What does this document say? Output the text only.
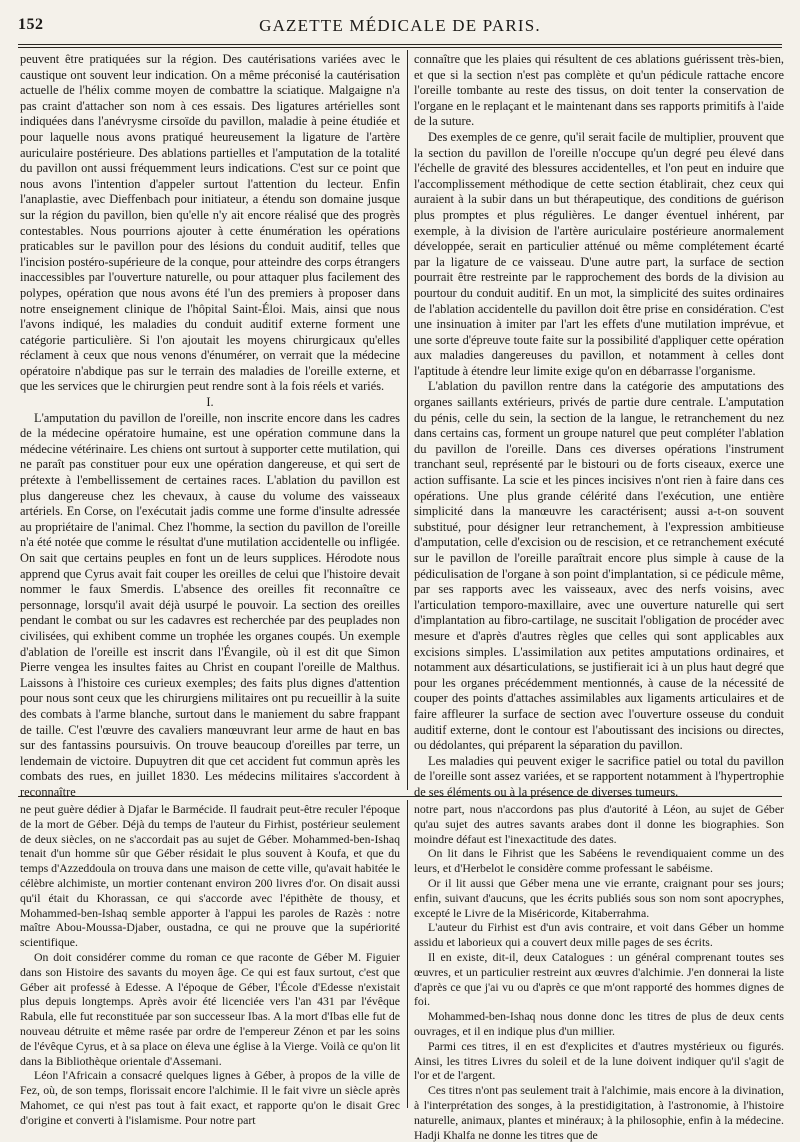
152	GAZETTE MÉDICALE DE PARIS.

peuvent être pratiquées sur la région. Des cautérisations variées avec le caustique ont souvent leur indication. On a même préconisé la cautérisation actuelle de l'hélix comme moyen de combattre la sciatique. Malgaigne n'a pas craint d'attacher son nom à ces essais. Des ligatures artérielles sont indiquées dans l'anévrysme cirsoïde du pavillon, maladie à peine étudiée et pour laquelle nous avons pratiqué heureusement la ligature de l'artère auriculaire postérieure. Des ablations partielles et l'amputation de la totalité du pavillon ont aussi fréquemment leurs indications. C'est sur ce point que nous avons l'intention d'appeler surtout l'attention du lecteur. Enfin l'anaplastie, avec Dieffenbach pour initiateur, a étendu son domaine jusque sur la région du pavillon, bien qu'elle n'y ait encore réalisé que des progrès contestables. Nous pourrions ajouter à cette énumération les opérations praticables sur le pavillon pour des lésions du conduit auditif, telles que l'incision postéro-supérieure de la conque, pour atteindre des corps étrangers inaccessibles par l'ouverture naturelle, ou pour attaquer plus facilement des polypes, opération que nous avons été l'un des premiers à proposer dans notre enseignement clinique de l'hôpital Saint-Éloi. Mais, ainsi que nous l'avons indiqué, les maladies du conduit auditif externe forment une catégorie particulière. Si l'on ajoutait les moyens chirurgicaux qu'elles réclament à ceux que nous venons d'énumérer, on verrait que la médecine opératoire n'abdique pas sur le terrain des maladies de l'oreille externe, et que les services que le chirurgien peut rendre sont à la fois réels et variés.

I.

L'amputation du pavillon de l'oreille, non inscrite encore dans les cadres de la médecine opératoire humaine, est une opération commune dans la médecine vétérinaire. Les chiens ont surtout à supporter cette mutilation, qui ne paraît pas constituer pour eux une opération dangereuse, et qui sert de prétexte à l'embellissement de certaines races. L'ablation du pavillon est plus dangereuse chez les chevaux, à cause du volume des vaisseaux artériels. En Corse, on l'exécutait jadis comme une forme d'insulte adressée au propriétaire de l'animal. Chez l'homme, la section du pavillon de l'oreille n'a été notée que comme le résultat d'une mutilation accidentelle ou infligée. On sait que certains peuples en font un de leurs supplices. Hérodote nous apprend que Cyrus avait fait couper les oreilles de celui que l'histoire devait nommer le faux Smerdis. L'absence des oreilles fit reconnaître ce personnage, lorsqu'il avait déjà usurpé le pouvoir. La section des oreilles pendant le combat ou sur les cadavres est recherchée par des peuplades non civilisées, qui exhibent comme un trophée les organes coupés. Un exemple d'ablation de l'oreille est inscrit dans l'Évangile, où il est dit que Simon Pierre vengea les insultes faites au Christ en coupant l'oreille de Malthus. Laissons à l'histoire ces curieux exemples; des faits plus dignes d'attention pour nous sont ceux que les chirurgiens militaires ont pu recueillir à la suite des combats à l'arme blanche, surtout dans le maniement du sabre frappant de taille. C'est l'œuvre des cavaliers manœuvrant leur arme de haut en bas sur des fantassins poursuivis. On trouve beaucoup d'oreilles par terre, un lendemain de victoire. Dupuytren dit que cet accident fut commun après les combats des rues, en juillet 1830. Les médecins militaires s'accordent à reconnaître

connaître que les plaies qui résultent de ces ablations guérissent très-bien, et que si la section n'est pas complète et qu'un pédicule rattache encore l'oreille tombante au reste des tissus, on doit tenter la conservation de l'organe en le replaçant et le maintenant dans ses rapports primitifs à l'aide de la suture.

Des exemples de ce genre, qu'il serait facile de multiplier, prouvent que la section du pavillon de l'oreille n'occupe qu'un degré peu élevé dans l'échelle de gravité des blessures accidentelles, et l'on peut en induire que l'accomplissement méthodique de cette section établirait, chez ceux qui auraient à la subir dans un but thérapeutique, des conditions de guérison plus promptes et plus régulières. Le danger éventuel inhérent, par exemple, à la division de l'artère auriculaire postérieure anormalement développée, serait en particulier atténué ou même complétement écarté par la ligature de ce vaisseau. D'une autre part, la surface de section pourrait être restreinte par le rapprochement des bords de la division au pourtour du conduit auditif. En un mot, la simplicité des suites ordinaires de l'ablation accidentelle du pavillon doit être prise en considération. C'est une insinuation à imiter par l'art les effets d'une mutilation imprévue, et une sorte d'épreuve toute faite sur la possibilité d'appliquer cette opération aux maladies dangereuses du pavillon, et notamment à celles dont l'aptitude à étendre leur limite exige qu'on en débarrasse l'organisme.

L'ablation du pavillon rentre dans la catégorie des amputations des organes saillants extérieurs, privés de partie dure centrale. L'amputation du pénis, celle du sein, la section de la langue, le retranchement du nez dans certains cas, forment un groupe naturel que peut compléter l'ablation du pavillon de l'oreille. Dans ces diverses opérations l'instrument tranchant seul, représenté par le bistouri ou de forts ciseaux, exerce une action suffisante. La scie et les pinces incisives n'ont rien à faire dans ces opérations. Une plus grande célérité dans l'exécution, une entière simplicité dans la manœuvre les caractérisent; aussi a-t-on souvent substitué, pour désigner leur retranchement, à l'expression ambitieuse d'amputation, celle d'excision ou de rescision, et ce retranchement exécuté sur le pavillon de l'oreille paraîtrait encore plus simple à cause de la pédiculisation de l'organe à son point d'implantation, si ce pédicule même, par ses rapports avec les vaisseaux, avec des nerfs voisins, avec l'articulation temporo-maxillaire, avec une ouverture naturelle qui sert d'implantation au fibro-cartilage, ne suscitait l'obligation de procéder avec mesure et d'après d'autres règles que celles qui sont applicables aux excisions simples. L'assimilation aux petites amputations ordinaires, et notamment aux désarticulations, se justifierait ici à un plus haut degré que pour les organes précédemment mentionnés, à cause de la nécessité de couper des points d'attaches assimilables aux ligaments articulaires et de faire affleurer la surface de section avec l'ouverture osseuse du conduit auditif externe, dont le contour est l'aboutissant des incisions ou directes, ou dédolantes, qui préparent la séparation du pavillon.

Les maladies qui peuvent exiger le sacrifice patiel ou total du pavillon de l'oreille sont assez variées, et se rapportent notamment à l'hypertrophie de ses éléments ou à la présence de diverses tumeurs.

ne peut guère dédier à Djafar le Barmécide. Il faudrait peut-être reculer l'époque de la mort de Géber. Déjà du temps de l'auteur du Firhist, postérieur seulement de deux siècles, on ne s'accordait pas au sujet de Géber. Mohammed-ben-Ishaq tenait d'un homme sûr que Géber résidait le plus souvent à Koufa, et que du temps d'Azzeddoula on trouva dans une maison de cette ville, qu'avait habitée le célèbre alchimiste, un mortier contenant environ 200 livres d'or. On disait aussi qu'il était du Khorassan, ce qui s'accorde avec l'épithète de thousy, et Mohammed-ben-Ishaq semble apporter à l'appui les paroles de Razès : notre maître Abou-Moussa-Djaber, oustadna, ce qui ne prouve que la supériorité scientifique.

On doit considérer comme du roman ce que raconte de Géber M. Figuier dans son Histoire des savants du moyen âge. Ce qui est faux surtout, c'est que Géber ait professé à Edesse. A l'époque de Géber, l'École d'Edesse n'existait plus depuis longtemps. Après avoir été licenciée vers l'an 431 par l'évêque Rabula, elle fut reconstituée par son successeur Ibas. A la mort d'Ibas elle fut de nouveau détruite et même rasée par ordre de l'empereur Zénon et par les soins de l'évêque Cyrus, et à sa place on éleva une église à la Vierge. Voilà ce qu'on lit dans la Bibliothèque orientale d'Assemani.

Léon l'Africain a consacré quelques lignes à Géber, à propos de la ville de Fez, où, de son temps, florissait encore l'alchimie. Il le fait vivre un siècle après Mahomet, ce qui n'est pas tout à fait exact, et rapporte qu'on le disait Grec d'origine et converti à l'islamisme. Pour notre part

notre part, nous n'accordons pas plus d'autorité à Léon, au sujet de Géber qu'au sujet des autres savants arabes dont il donne les biographies. Son moindre défaut est l'inexactitude des dates.

On lit dans le Fihrist que les Sabéens le revendiquaient comme un des leurs, et d'Herbelot le considère comme professant le sabéisme.

Or il lit aussi que Géber mena une vie errante, craignant pour ses jours; enfin, suivant d'aucuns, que les écrits publiés sous son nom sont apocryphes, excepté le Livre de la Miséricorde, Kitaberrahma.

L'auteur du Firhist est d'un avis contraire, et voit dans Géber un homme assidu et laborieux qui a couvert deux mille pages de ses écrits.

Il en existe, dit-il, deux Catalogues : un général comprenant toutes ses œuvres, et un particulier restreint aux œuvres d'alchimie. J'en donnerai la liste d'après ce que j'ai vu ou d'après ce que m'ont rapporté des hommes dignes de foi.

Mohammed-ben-Ishaq nous donne donc les titres de plus de deux cents ouvrages, et il en indique plus d'un millier.

Parmi ces titres, il en est d'explicites et d'autres mystérieux ou figurés. Ainsi, les titres Livres du soleil et de la lune doivent indiquer qu'il s'agit de l'or et de l'argent.

Ces titres n'ont pas seulement trait à l'alchimie, mais encore à la divination, à l'interprétation des songes, à la prestidigitation, à l'astronomie, à l'histoire naturelle, animaux, plantes et minéraux; à la philosophie, enfin à la médecine. Hadji Khalfa ne donne les titres que de
